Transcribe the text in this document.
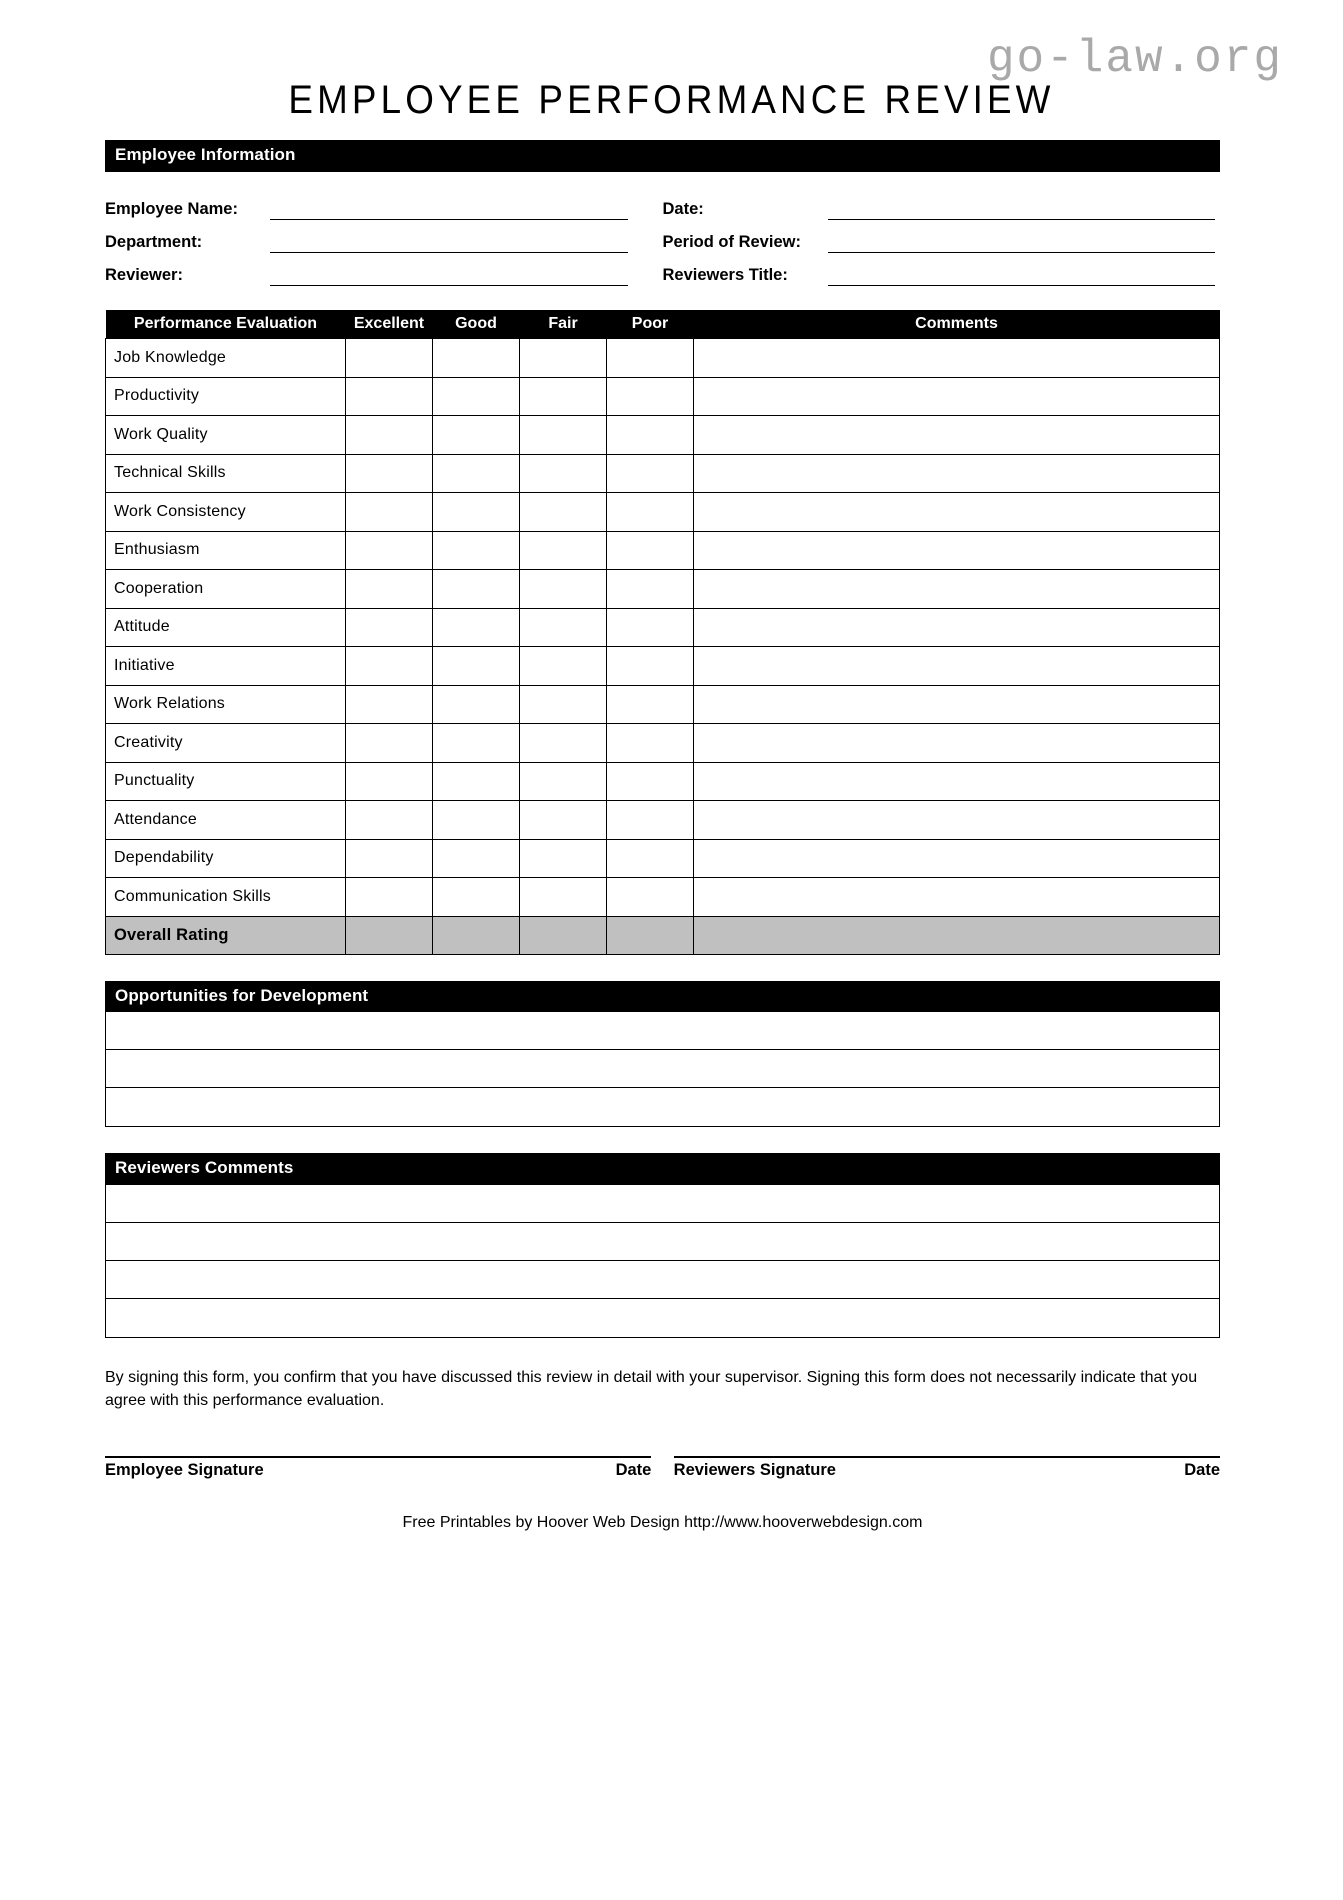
go-law.org
EMPLOYEE PERFORMANCE REVIEW
Employee Information
Employee Name:
Department:
Reviewer:
Date:
Period of Review:
Reviewers Title:
Performance Evaluation	Excellent	Good	Fair	Poor	Comments
Job Knowledge					
Productivity					
Work Quality					
Technical Skills					
Work Consistency					
Enthusiasm					
Cooperation					
Attitude					
Initiative					
Work Relations					
Creativity					
Punctuality					
Attendance					
Dependability					
Communication Skills					
Overall Rating					
Opportunities for Development
Reviewers Comments
By signing this form, you confirm that you have discussed this review in detail with your supervisor. Signing this form does not necessarily indicate that you agree with this performance evaluation.
Employee Signature	Date Reviewers Signature	Date
Free Printables by Hoover Web Design http://www.hooverwebdesign.com
